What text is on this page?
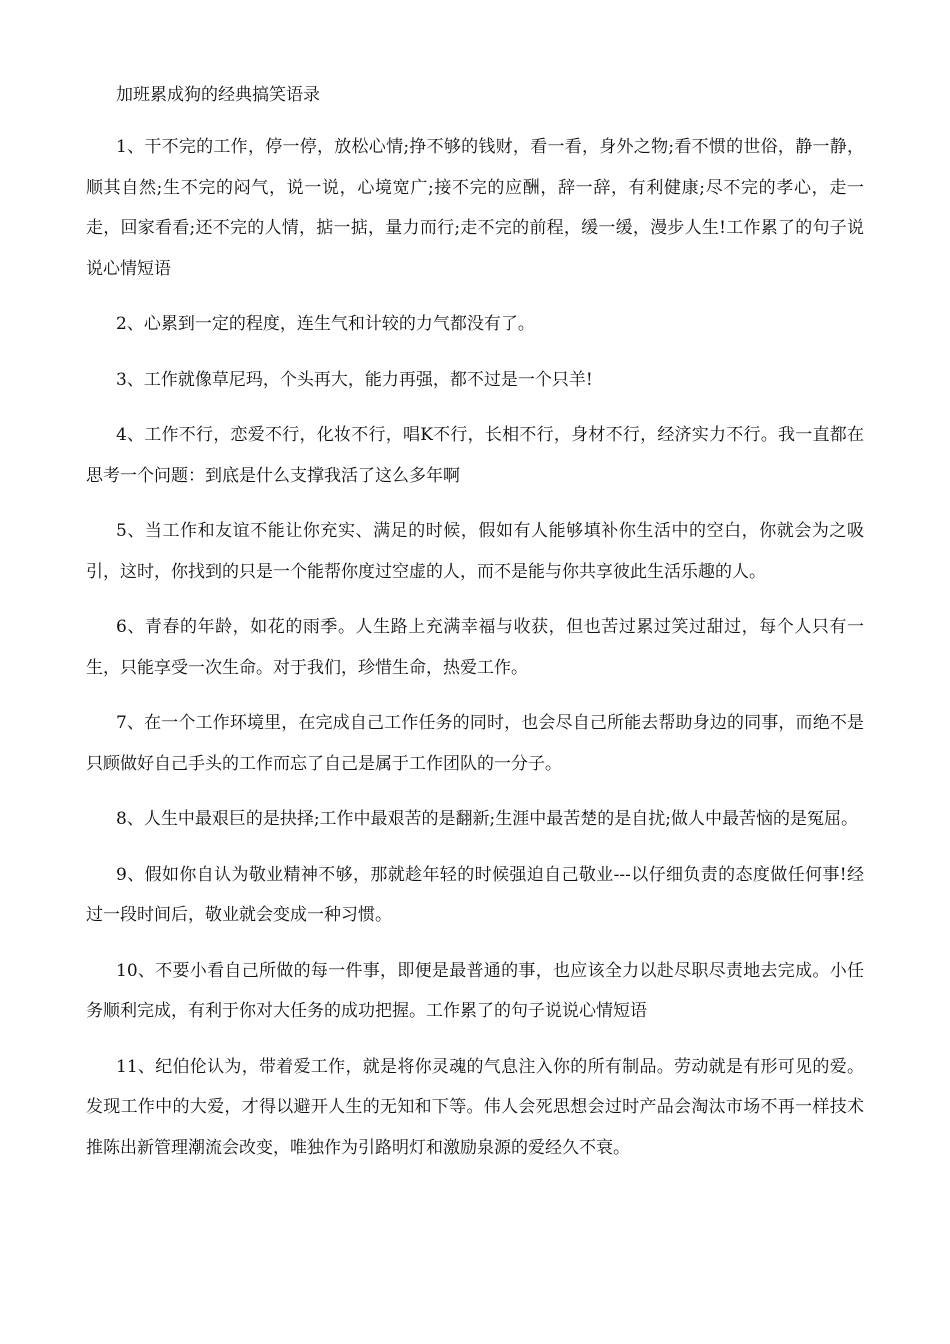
加班累成狗的经典搞笑语录

1、干不完的工作，停一停，放松心情;挣不够的钱财，看一看，身外之物;看不惯的世俗，静一静，顺其自然;生不完的闷气，说一说，心境宽广;接不完的应酬，辞一辞，有利健康;尽不完的孝心，走一走，回家看看;还不完的人情，掂一掂，量力而行;走不完的前程，缓一缓，漫步人生!工作累了的句子说说心情短语

2、心累到一定的程度，连生气和计较的力气都没有了。

3、工作就像草尼玛，个头再大，能力再强，都不过是一个只羊!

4、工作不行，恋爱不行，化妆不行，唱K不行，长相不行，身材不行，经济实力不行。我一直都在思考一个问题：到底是什么支撑我活了这么多年啊

5、当工作和友谊不能让你充实、满足的时候，假如有人能够填补你生活中的空白，你就会为之吸引，这时，你找到的只是一个能帮你度过空虚的人，而不是能与你共享彼此生活乐趣的人。

6、青春的年龄，如花的雨季。人生路上充满幸福与收获，但也苦过累过笑过甜过，每个人只有一生，只能享受一次生命。对于我们，珍惜生命，热爱工作。

7、在一个工作环境里，在完成自己工作任务的同时，也会尽自己所能去帮助身边的同事，而绝不是只顾做好自己手头的工作而忘了自己是属于工作团队的一分子。

8、人生中最艰巨的是抉择;工作中最艰苦的是翻新;生涯中最苦楚的是自扰;做人中最苦恼的是冤屈。

9、假如你自认为敬业精神不够，那就趁年轻的时候强迫自己敬业---以仔细负责的态度做任何事!经过一段时间后，敬业就会变成一种习惯。

10、不要小看自己所做的每一件事，即便是最普通的事，也应该全力以赴尽职尽责地去完成。小任务顺利完成，有利于你对大任务的成功把握。工作累了的句子说说心情短语

11、纪伯伦认为，带着爱工作，就是将你灵魂的气息注入你的所有制品。劳动就是有形可见的爱。发现工作中的大爱，才得以避开人生的无知和下等。伟人会死思想会过时产品会淘汰市场不再一样技术推陈出新管理潮流会改变，唯独作为引路明灯和激励泉源的爱经久不衰。
